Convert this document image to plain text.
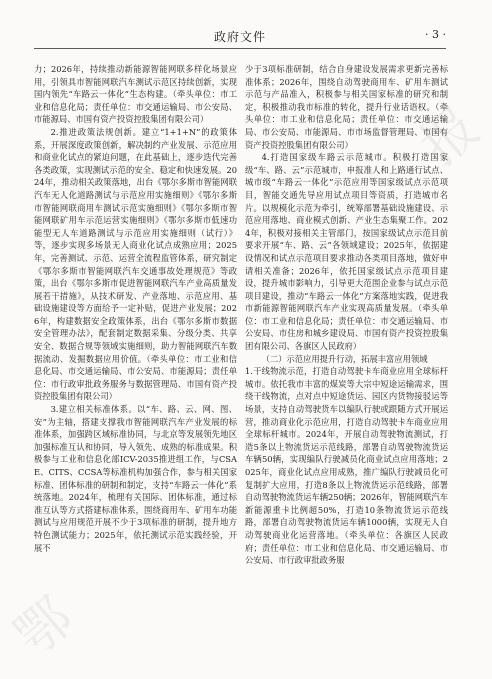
政府文件	· 3 ·

力；2026年，持续推动新能源智能网联多样化场景应用，引领具市智能网联汽车测试示范区持续创新，实现国内领先“车路云一体化”生态构建。（牵头单位：市工业和信息化局；责任单位：市交通运输局、市公安局、市能源局、市国有资产投资控股集团有限公司）

2.推进政策法规创新。建立“1+1+N”的政策体系，开展深度政策创新，解决制约产业发展、示范应用和商业化试点的紧迫问题，在此基础上，逐步迭代完善各类政策，实现测试示范的安全、稳定和快速发展。2024年，推动相关政策落地，出台《鄂尔多斯市智能网联汽车无人化道路测试与示范应用实施细则》《鄂尔多斯市智能网联商用车测试示范实施细则》《鄂尔多斯市智能网联矿用车示范运营实施细则》《鄂尔多斯市低速功能型无人车道路测试与示范应用实施细则（试行）》等，逐步实现多场景无人商业化试点成熟应用；2025年，完善测试、示范、运营全流程监管体系，研究制定《鄂尔多斯市智能网联汽车交通事故处理规范》等政策，出台《鄂尔多斯市促进智能网联汽车产业高质量发展若干措施》，从技术研发、产业落地、示范应用、基础设施建设等方面给予一定补贴，促进产业发展；2026年，构建数据安全政策体系，出台《鄂尔多斯市数据安全管理办法》，配套制定数据采集、分级分类、共享安全、数据合规等领域实施细则，助力智能网联汽车数据流动、发掘数据应用价值。（牵头单位：市工业和信息化局、市交通运输局、市公安局、市能源局；责任单位：市行政审批政务服务与数据管理局、市国有资产投资控股集团有限公司）

3.建立相关标准体系。以“车、路、云、网、图、安”为主轴，搭建支撑我市智能网联汽车产业发展的标准体系，加强跨区域标准协同，与北京等发展领先地区加强标准互认和协同，导入领先、成熟的标准成果。积极参与工业和信息化部ICV-2035推进组工作，与CSAE、CITS、CCSA等标准机构加强合作，参与相关国家标准、团体标准的研制和制定，支持“车路云一体化”系统落地。2024年，梳理有关国际、团体标准，通过标准互认等方式搭建标准体系，围绕商用车、矿用车功能测试与应用规范开展不少于3项标准的研制，提升地方特色测试能力；2025年，依托测试示范实践经验，开展不

少于3项标准研制，结合自身建设发展需求更新完善标准体系；2026年，围绕自动驾驶商用车、矿用车测试示范与产品准入，积极参与相关国家标准的研究和制定，积极推动我市标准的转化，提升行业话语权。（牵头单位：市工业和信息化局；责任单位：市交通运输局、市公安局、市能源局、市市场监督管理局、市国有资产投资控股集团有限公司）

4.打造国家级车路云示范城市。积极打造国家级“车、路、云”示范城市，申报准人和上路通行试点、城市级“车路云一体化”示范应用等国家级试点示范项目，智能交通先导应用试点项目等资质，打造城市名片。以规模化示范为牵引，统筹部署基础设施建设、示范应用落地、商业模式创新、产业生态集聚工作。2024年，积极对接相关主管部门，按国家级试点示范目前要求开展“车、路、云”各领域建设；2025年，依据建设情况和试点示范项目要求推动各类项目落地，做好申请相关准备；2026年，依托国家级试点示范项目建设，提升城市影响力，引导更大范围企业参与试点示范项目建设，推动“车路云一体化”方案落地实践，促进我市新能源智能网联汽车产业实现高质量发展。（牵头单位：市工业和信息化局；责任单位：市交通运输局、市公安局、市住房和城乡建设局、市国有资产投资控股集团有限公司、各旗区人民政府）

（二）示范应用提升行动，拓展丰富应用领域

1.干线物流示范，打造自动驾驶卡车商业应用全球标杆城市。依托我市丰富的煤炭等大宗中短途运输需求，围绕干线物流，点对点中短途货运、园区内货物接驳运等场景，支持自动驾驶货车以编队行驶或跟随方式开展运营，推动商业化示范应用，打造自动驾驶卡车商业应用全球标杆城市。2024年，开展自动驾驶物流测试，打造5条以上物流货运示范线路，部署自动驾驶物流货运车辆50辆，实现编队行驶减员化商业试点应用落地；2025年，商业化试点应用成熟，推广编队行驶减员化可复制扩大应用，打造8条以上物流货运示范线路，部署自动驾驶物流货运车辆250辆；2026年，智能网联汽车新能源重卡比例超50%，打造10条物流货运示范线路，部署自动驾驶物流货运车辆1000辆，实现无人自动驾驶商业化运营落地。（牵头单位：各旗区人民政府；责任单位：市工业和信息化局、市交通运输局、市公安局、市行政审批政务服

鄂
报
